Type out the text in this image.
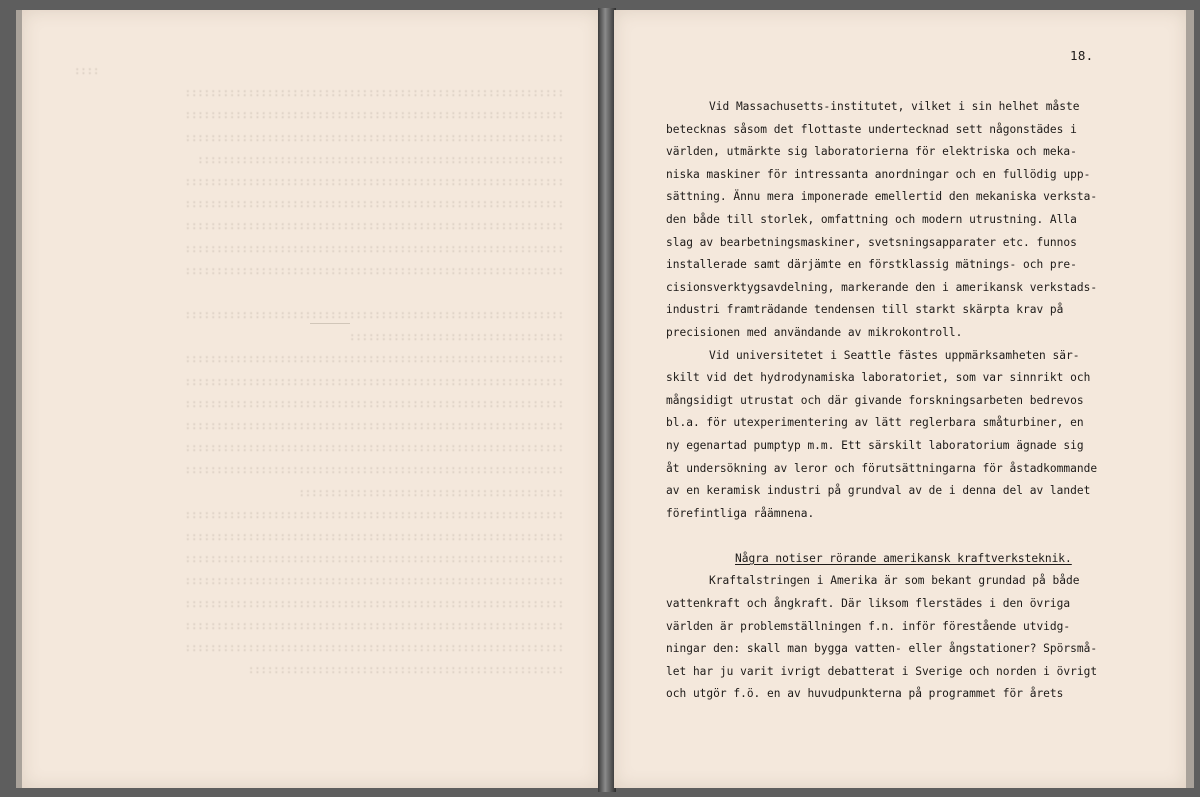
::::
::::::::::::::::::::::::::::::::::::::::::::::::::::::::::::
::::::::::::::::::::::::::::::::::::::::::::::::::::::::::::
::::::::::::::::::::::::::::::::::::::::::::::::::::::::::::
::::::::::::::::::::::::::::::::::::::::::::::::::::::::::
::::::::::::::::::::::::::::::::::::::::::::::::::::::::::::
::::::::::::::::::::::::::::::::::::::::::::::::::::::::::::
::::::::::::::::::::::::::::::::::::::::::::::::::::::::::::
::::::::::::::::::::::::::::::::::::::::::::::::::::::::::::
::::::::::::::::::::::::::::::::::::::::::::::::::::::::::::

::::::::::::::::::::::::::::::::::::::::::::::::::::::::::::
::::::::::::::::::::::::::::::::::
::::::::::::::::::::::::::::::::::::::::::::::::::::::::::::
::::::::::::::::::::::::::::::::::::::::::::::::::::::::::::
::::::::::::::::::::::::::::::::::::::::::::::::::::::::::::
::::::::::::::::::::::::::::::::::::::::::::::::::::::::::::
::::::::::::::::::::::::::::::::::::::::::::::::::::::::::::
::::::::::::::::::::::::::::::::::::::::::::::::::::::::::::
::::::::::::::::::::::::::::::::::::::::::
::::::::::::::::::::::::::::::::::::::::::::::::::::::::::::
::::::::::::::::::::::::::::::::::::::::::::::::::::::::::::
::::::::::::::::::::::::::::::::::::::::::::::::::::::::::::
::::::::::::::::::::::::::::::::::::::::::::::::::::::::::::
::::::::::::::::::::::::::::::::::::::::::::::::::::::::::::
::::::::::::::::::::::::::::::::::::::::::::::::::::::::::::
::::::::::::::::::::::::::::::::::::::::::::::::::::::::::::
::::::::::::::::::::::::::::::::::::::::::::::::::
18.
Vid Massachusetts-institutet, vilket i sin helhet måste
betecknas såsom det flottaste undertecknad sett någonstädes i
världen, utmärkte sig laboratorierna för elektriska och meka-
niska maskiner för intressanta anordningar och en fullödig upp-
sättning. Ännu mera imponerade emellertid den mekaniska verksta-
den både till storlek, omfattning och modern utrustning. Alla
slag av bearbetningsmaskiner, svetsningsapparater etc. funnos
installerade samt därjämte en förstklassig mätnings- och pre-
cisionsverktygsavdelning, markerande den i amerikansk verkstads-
industri framträdande tendensen till starkt skärpta krav på
precisionen med användande av mikrokontroll.
Vid universitetet i Seattle fästes uppmärksamheten sär-
skilt vid det hydrodynamiska laboratoriet, som var sinnrikt och
mångsidigt utrustat och där givande forskningsarbeten bedrevos
bl.a. för utexperimentering av lätt reglerbara småturbiner, en
ny egenartad pumptyp m.m. Ett särskilt laboratorium ägnade sig
åt undersökning av leror och förutsättningarna för åstadkommande
av en keramisk industri på grundval av de i denna del av landet
förefintliga råämnena.
Några notiser rörande amerikansk kraftverksteknik.
Kraftalstringen i Amerika är som bekant grundad på både
vattenkraft och ångkraft. Där liksom flerstädes i den övriga
världen är problemställningen f.n. inför förestående utvidg-
ningar den: skall man bygga vatten- eller ångstationer? Spörsmå-
let har ju varit ivrigt debatterat i Sverige och norden i övrigt
och utgör f.ö. en av huvudpunkterna på programmet för årets
